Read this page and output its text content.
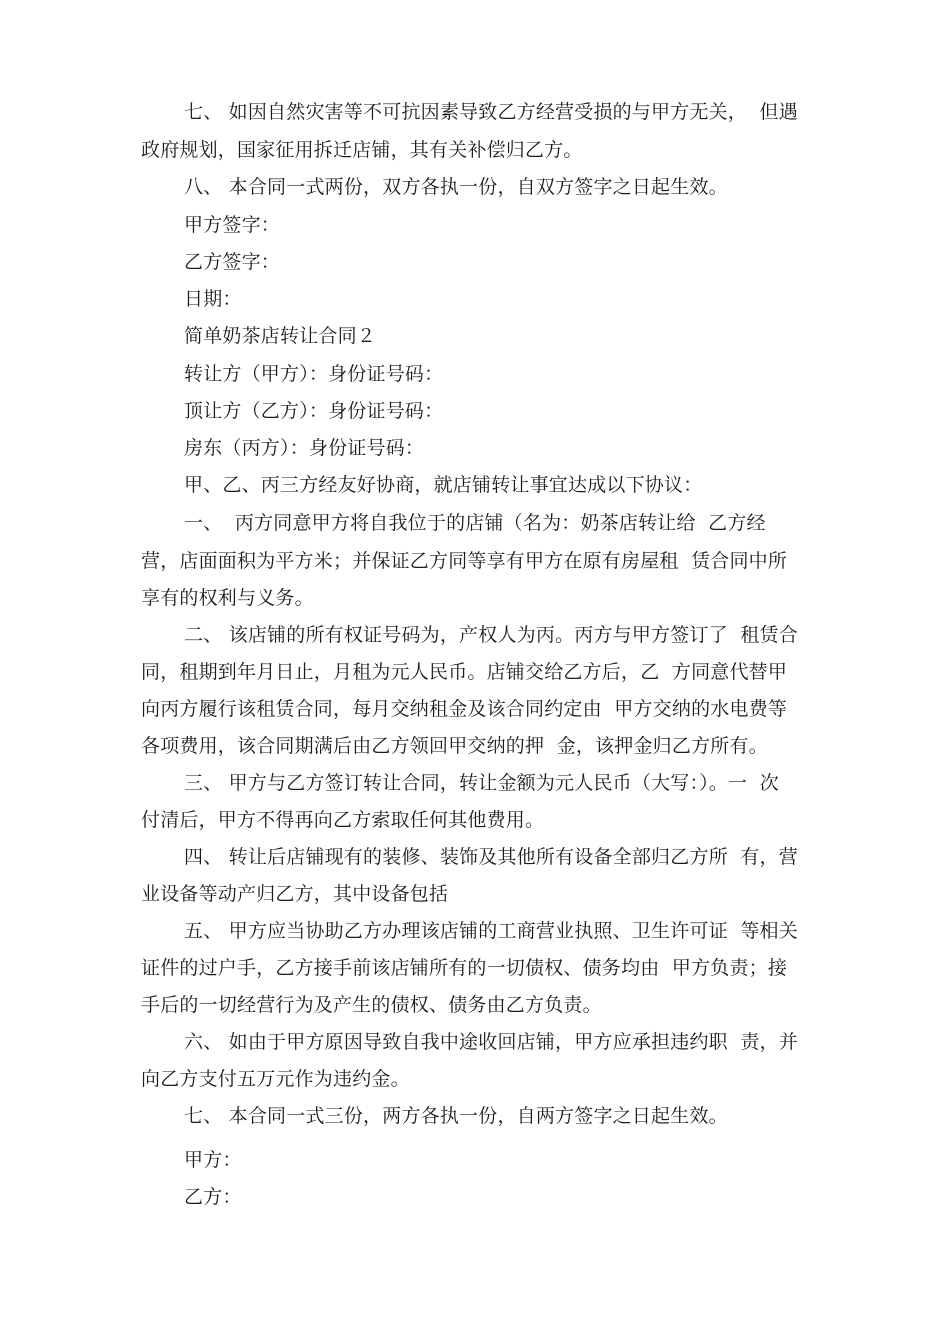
七、 如因自然灾害等不可抗因素导致乙方经营受损的与甲方无关，  但遇
政府规划，国家征用拆迁店铺，其有关补偿归乙方。
八、 本合同一式两份，双方各执一份，自双方签字之日起生效。
甲方签字：
乙方签字：
日期：
简单奶茶店转让合同２
转让方（甲方）：身份证号码：
顶让方（乙方）：身份证号码：
房东（丙方）：身份证号码：
甲、乙、丙三方经友好协商，就店铺转让事宜达成以下协议：
一、  丙方同意甲方将自我位于的店铺（名为：奶茶店转让给  乙方经
营，店面面积为平方米；并保证乙方同等享有甲方在原有房屋租  赁合同中所
享有的权利与义务。
二、 该店铺的所有权证号码为，产权人为丙。丙方与甲方签订了  租赁合
同，租期到年月日止，月租为元人民币。店铺交给乙方后，乙  方同意代替甲
向丙方履行该租赁合同，每月交纳租金及该合同约定由  甲方交纳的水电费等
各项费用，该合同期满后由乙方领回甲交纳的押  金，该押金归乙方所有。
三、 甲方与乙方签订转让合同，转让金额为元人民币（大写：）。一  次
付清后，甲方不得再向乙方索取任何其他费用。
四、 转让后店铺现有的装修、装饰及其他所有设备全部归乙方所  有，营
业设备等动产归乙方，其中设备包括
五、 甲方应当协助乙方办理该店铺的工商营业执照、卫生许可证  等相关
证件的过户手，乙方接手前该店铺所有的一切债权、债务均由  甲方负责；接
手后的一切经营行为及产生的债权、债务由乙方负责。
六、 如由于甲方原因导致自我中途收回店铺，甲方应承担违约职  责，并
向乙方支付五万元作为违约金。
七、 本合同一式三份，两方各执一份，自两方签字之日起生效。
甲方：
乙方：
